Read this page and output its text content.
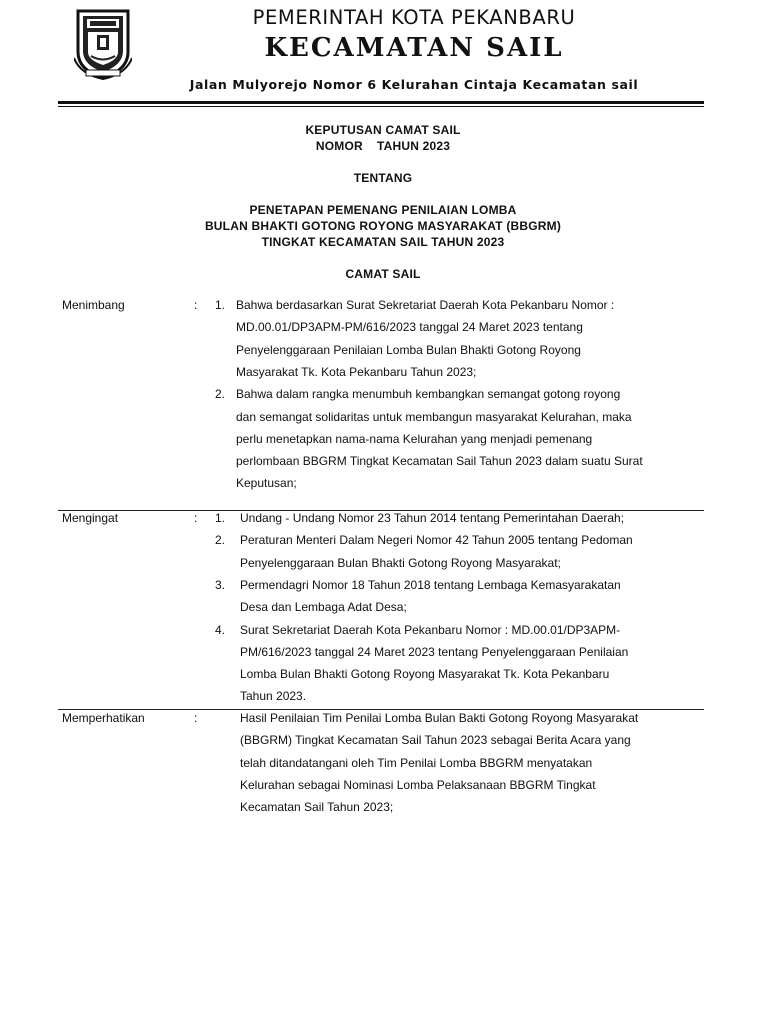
PEMERINTAH KOTA PEKANBARU
KECAMATAN SAIL
Jalan Mulyorejo Nomor 6 Kelurahan Cintaja Kecamatan sail
KEPUTUSAN CAMAT SAIL
NOMOR    TAHUN 2023
TENTANG
PENETAPAN PEMENANG PENILAIAN LOMBA
BULAN BHAKTI GOTONG ROYONG MASYARAKAT (BBGRM)
TINGKAT KECAMATAN SAIL TAHUN 2023
CAMAT SAIL
Menimbang	:	1. Bahwa berdasarkan Surat Sekretariat Daerah Kota Pekanbaru Nomor :
MD.00.01/DP3APM-PM/616/2023 tanggal 24 Maret 2023 tentang
Penyelenggaraan Penilaian Lomba Bulan Bhakti Gotong Royong
Masyarakat Tk. Kota Pekanbaru Tahun 2023;
2. Bahwa dalam rangka menumbuh kembangkan semangat gotong royong
dan semangat solidaritas untuk membangun masyarakat Kelurahan, maka
perlu menetapkan nama-nama Kelurahan yang menjadi pemenang
perlombaan BBGRM Tingkat Kecamatan Sail Tahun 2023 dalam suatu Surat
Keputusan;
Mengingat	:	1. Undang - Undang Nomor 23 Tahun 2014 tentang Pemerintahan Daerah;
2. Peraturan Menteri Dalam Negeri Nomor 42 Tahun 2005 tentang Pedoman
Penyelenggaraan Bulan Bhakti Gotong Royong Masyarakat;
3. Permendagri Nomor 18 Tahun 2018 tentang Lembaga Kemasyarakatan
Desa dan Lembaga Adat Desa;
4. Surat Sekretariat Daerah Kota Pekanbaru Nomor : MD.00.01/DP3APM-
PM/616/2023 tanggal 24 Maret 2023 tentang Penyelenggaraan Penilaian
Lomba Bulan Bhakti Gotong Royong Masyarakat Tk. Kota Pekanbaru
Tahun 2023.
Memperhatikan	:	Hasil Penilaian Tim Penilai Lomba Bulan Bakti Gotong Royong Masyarakat
(BBGRM) Tingkat Kecamatan Sail Tahun 2023 sebagai Berita Acara yang
telah ditandatangani oleh Tim Penilai Lomba BBGRM menyatakan
Kelurahan sebagai Nominasi Lomba Pelaksanaan BBGRM Tingkat
Kecamatan Sail Tahun 2023;
